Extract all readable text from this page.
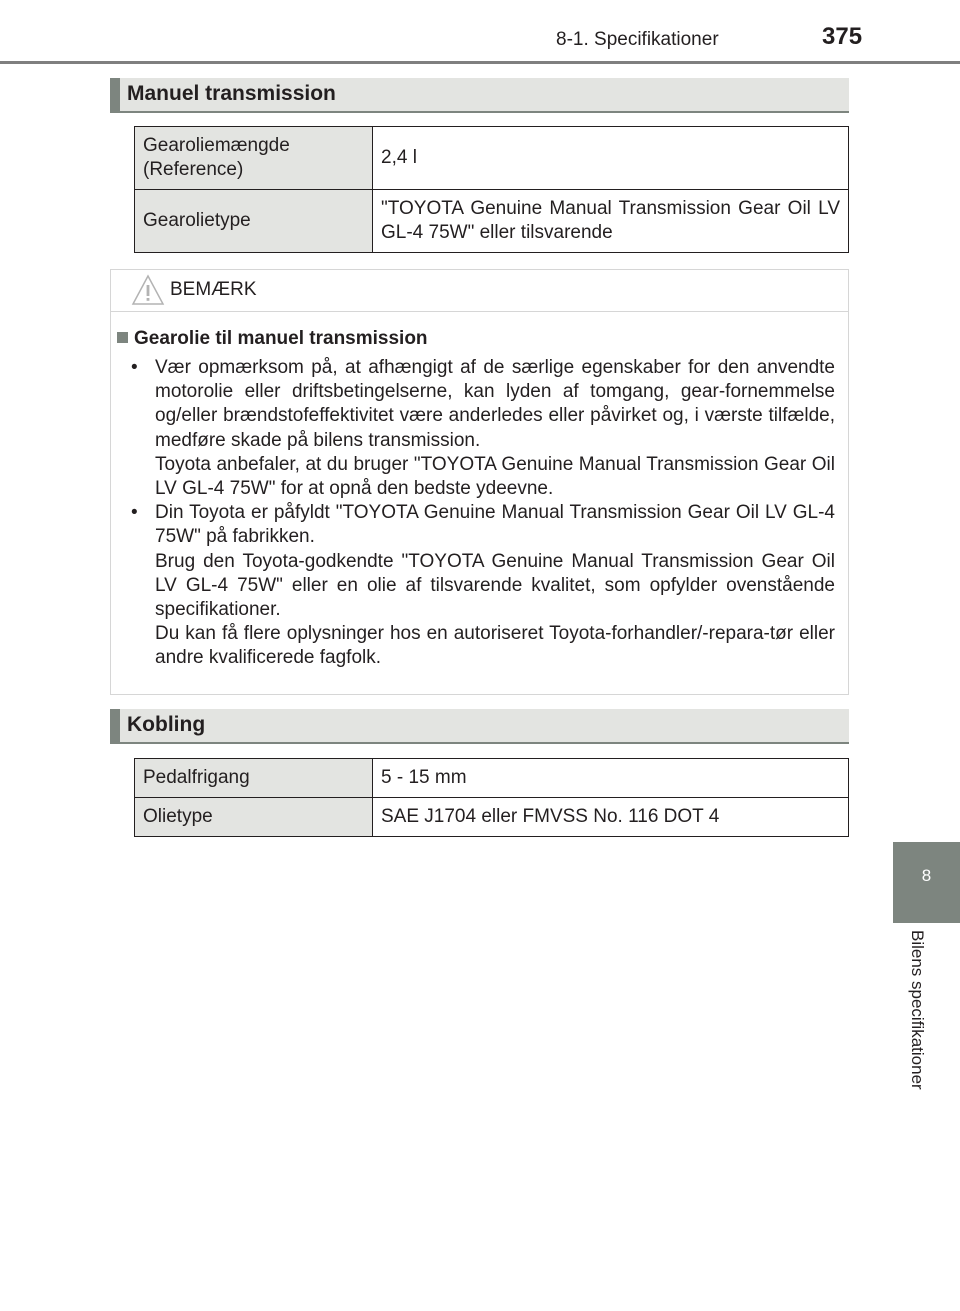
8-1. Specifikationer	375
8
Bilens specifikationer
Manuel transmission
Gearoliemængde (Reference)	2,4 l
Gearolietype	"TOYOTA Genuine Manual Transmission Gear Oil LV GL-4 75W" eller tilsvarende
BEMÆRK
Gearolie til manuel transmission
• Vær opmærksom på, at afhængigt af de særlige egenskaber for den anvendte motorolie eller driftsbetingelserne, kan lyden af tomgang, gear-fornemmelse og/eller brændstofeffektivitet være anderledes eller påvirket og, i værste tilfælde, medføre skade på bilens transmission.

Toyota anbefaler, at du bruger "TOYOTA Genuine Manual Transmission Gear Oil LV GL-4 75W" for at opnå den bedste ydeevne.

• Din Toyota er påfyldt "TOYOTA Genuine Manual Transmission Gear Oil LV GL-4 75W" på fabrikken.

Brug den Toyota-godkendte "TOYOTA Genuine Manual Transmission Gear Oil LV GL-4 75W" eller en olie af tilsvarende kvalitet, som opfylder ovenstående specifikationer.

Du kan få flere oplysninger hos en autoriseret Toyota-forhandler/-repara-tør eller andre kvalificerede fagfolk.

Kobling
Pedalfrigang	5 - 15 mm
Olietype	SAE J1704 eller FMVSS No. 116 DOT 4
